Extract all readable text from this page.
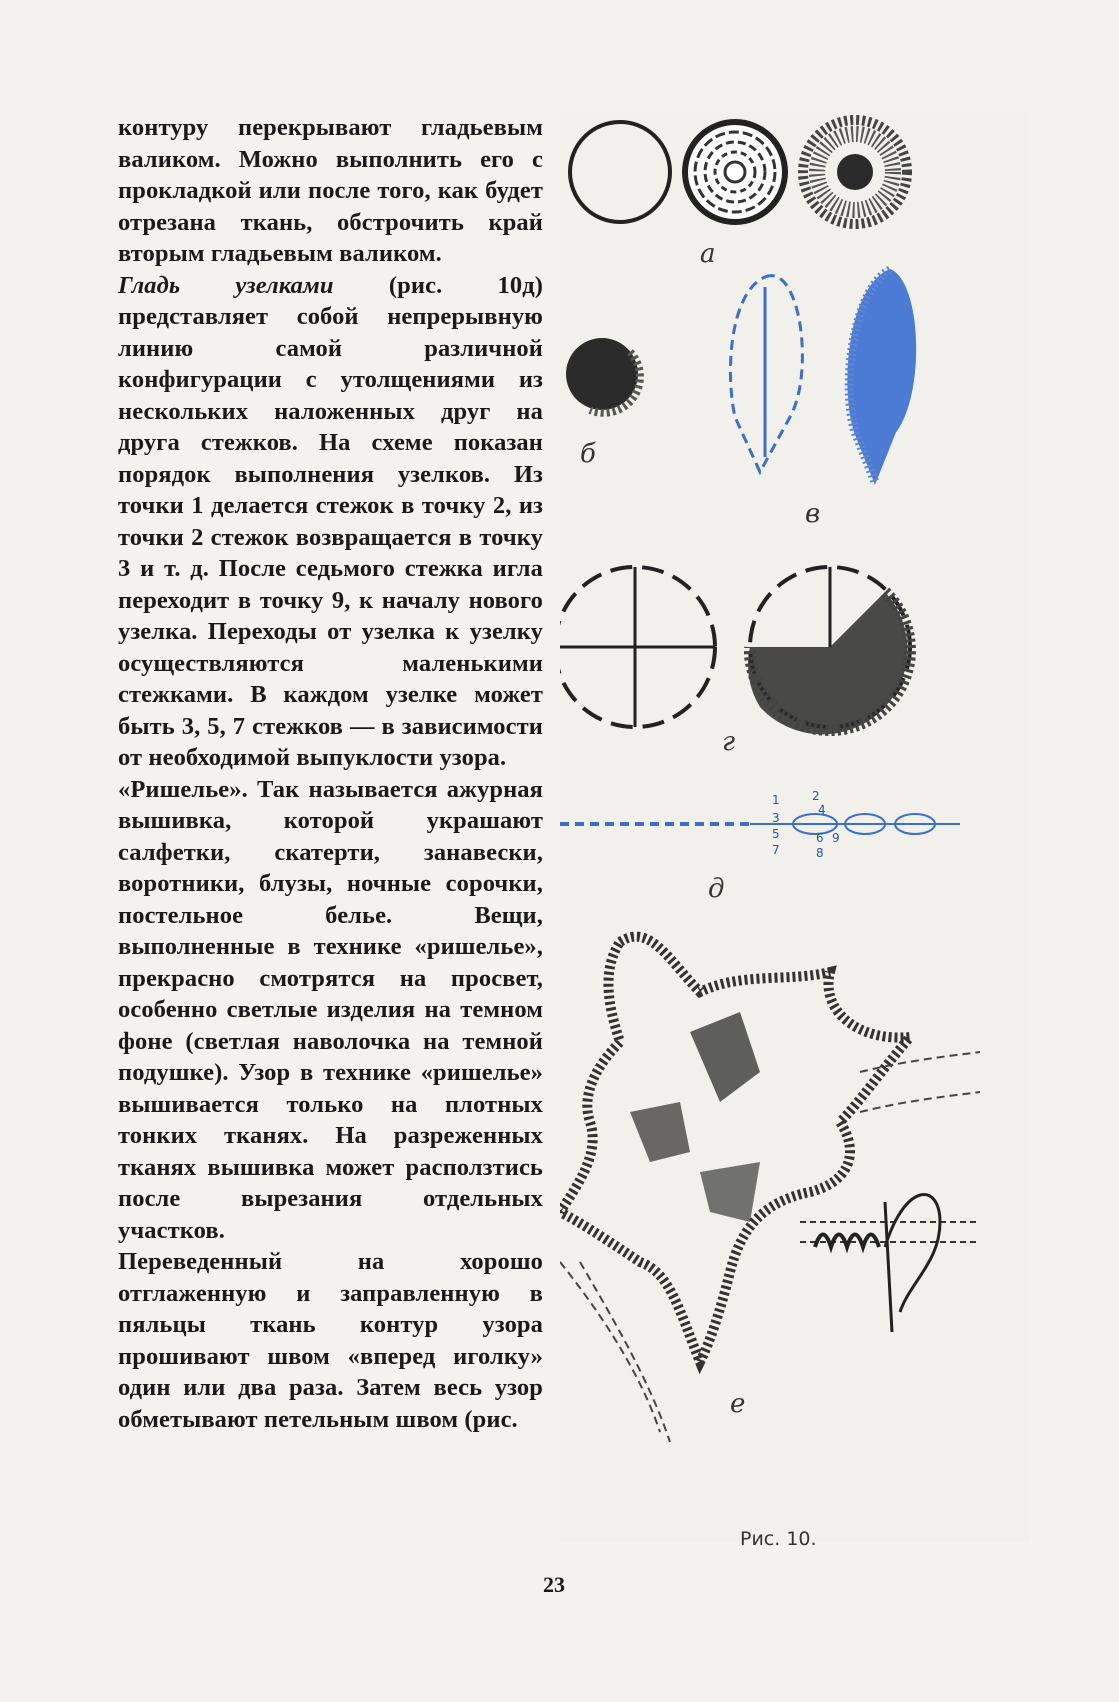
контуру перекрывают гладьевым валиком. Можно выполнить его с прокладкой или после того, как будет отрезана ткань, обстрочить край вторым гладьевым валиком.

Гладь узелками (рис. 10д) представляет собой непрерывную линию самой различной конфигурации с утолщениями из нескольких наложенных друг на друга стежков. На схеме показан порядок выполнения узелков. Из точки 1 делается стежок в точку 2, из точки 2 стежок возвращается в точку 3 и т. д. После седьмого стежка игла переходит в точку 9, к началу нового узелка. Переходы от узелка к узелку осуществляются маленькими стежками. В каждом узелке может быть 3, 5, 7 стежков — в зависимости от необходимой выпуклости узора.

«Ришелье». Так называется ажурная вышивка, которой украшают салфетки, скатерти, занавески, воротники, блузы, ночные сорочки, постельное белье. Вещи, выполненные в технике «ришелье», прекрасно смотрятся на просвет, особенно светлые изделия на темном фоне (светлая наволочка на темной подушке). Узор в технике «ришелье» вышивается только на плотных тонких тканях. На разреженных тканях вышивка может расползтись после вырезания отдельных участков.

Переведенный на хорошо отглаженную и заправленную в пяльцы ткань контур узора прошивают швом «вперед иголку» один или два раза. Затем весь узор обметывают петельным швом (рис.

а
б
в
г
1	2
3
4
5	6
7	8
9
д
е
Рис. 10.
23
